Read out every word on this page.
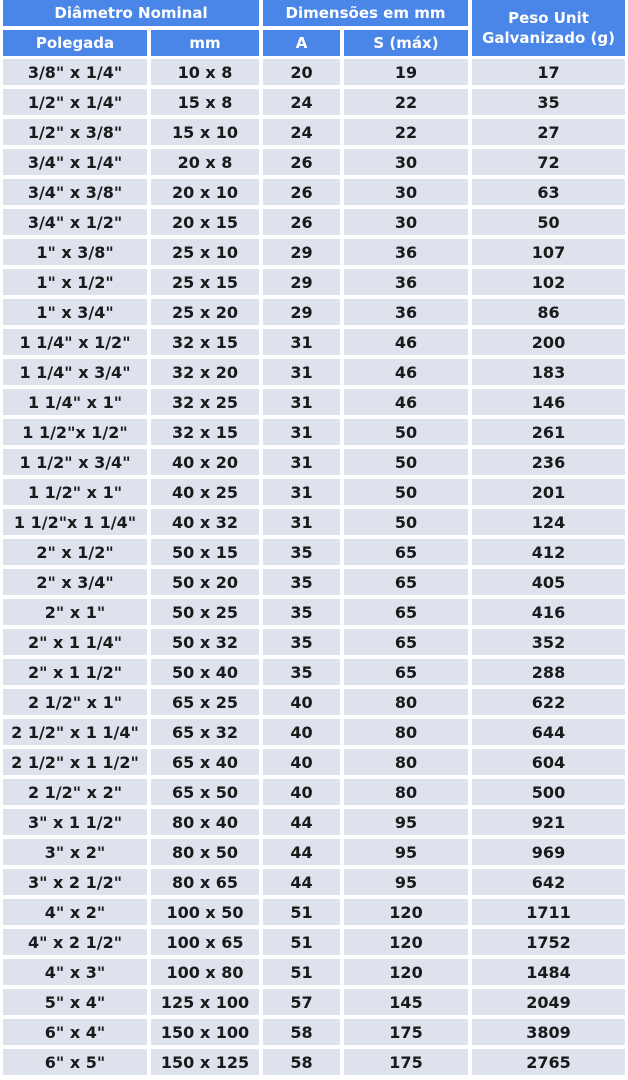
Diâmetro Nominal	Dimensões em mm	Peso Unit Galvanizado (g)
Polegada	mm	A	S (máx)
3/8" x 1/4"	10 x 8	20	19	17
1/2" x 1/4"	15 x 8	24	22	35
1/2" x 3/8"	15 x 10	24	22	27
3/4" x 1/4"	20 x 8	26	30	72
3/4" x 3/8"	20 x 10	26	30	63
3/4" x 1/2"	20 x 15	26	30	50
1" x 3/8"	25 x 10	29	36	107
1" x 1/2"	25 x 15	29	36	102
1" x 3/4"	25 x 20	29	36	86
1 1/4" x 1/2"	32 x 15	31	46	200
1 1/4" x 3/4"	32 x 20	31	46	183
1 1/4" x 1"	32 x 25	31	46	146
1 1/2"x 1/2"	32 x 15	31	50	261
1 1/2" x 3/4"	40 x 20	31	50	236
1 1/2" x 1"	40 x 25	31	50	201
1 1/2"x 1 1/4"	40 x 32	31	50	124
2" x 1/2"	50 x 15	35	65	412
2" x 3/4"	50 x 20	35	65	405
2" x 1"	50 x 25	35	65	416
2" x 1 1/4"	50 x 32	35	65	352
2" x 1 1/2"	50 x 40	35	65	288
2 1/2" x 1"	65 x 25	40	80	622
2 1/2" x 1 1/4"	65 x 32	40	80	644
2 1/2" x 1 1/2"	65 x 40	40	80	604
2 1/2" x 2"	65 x 50	40	80	500
3" x 1 1/2"	80 x 40	44	95	921
3" x 2"	80 x 50	44	95	969
3" x 2 1/2"	80 x 65	44	95	642
4" x 2"	100 x 50	51	120	1711
4" x 2 1/2"	100 x 65	51	120	1752
4" x 3"	100 x 80	51	120	1484
5" x 4"	125 x 100	57	145	2049
6" x 4"	150 x 100	58	175	3809
6" x 5"	150 x 125	58	175	2765
